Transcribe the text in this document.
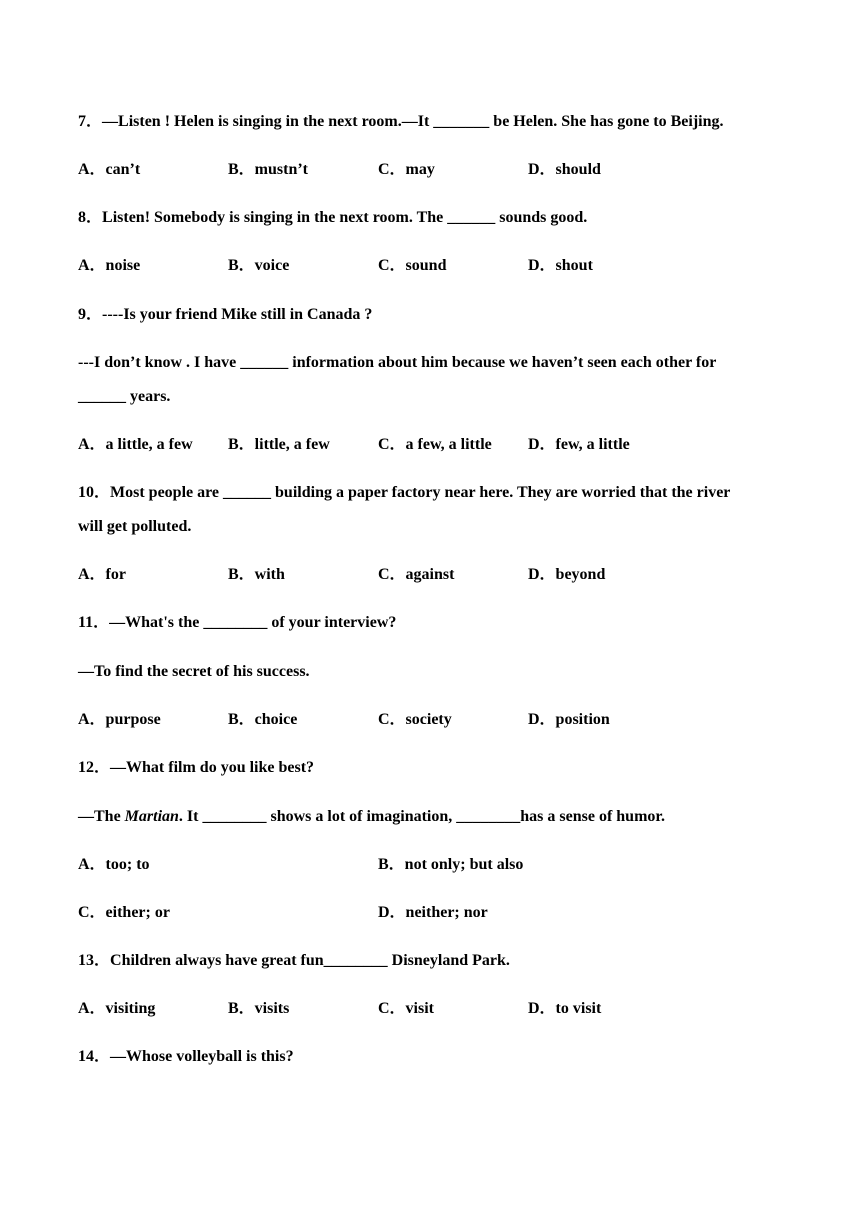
7．—Listen ! Helen is singing in the next room.—It _______ be Helen. She has gone to Beijing.
A．can’t	B．mustn’t	C．may	D．should
8．Listen! Somebody is singing in the next room. The ______ sounds good.
A．noise	B．voice	C．sound	D．shout
9．----Is your friend Mike still in Canada ?
---I don’t know . I have ______ information about him because we haven’t seen each other for
______ years.
A．a little, a few B．little, a few	C．a few, a little D．few, a little
10．Most people are ______ building a paper factory near here. They are worried that the river
will get polluted.
A．for	B．with	C．against	D．beyond
11．—What's the ________ of your interview?
—To find the secret of his success.
A．purpose	B．choice	C．society	D．position
12．—What film do you like best?
—The Martian. It ________ shows a lot of imagination, ________has a sense of humor.
A．too; to	B．not only; but also
C．either; or	D．neither; nor
13．Children always have great fun________ Disneyland Park.
A．visiting	B．visits	C．visit	D．to visit
14．—Whose volleyball is this?
